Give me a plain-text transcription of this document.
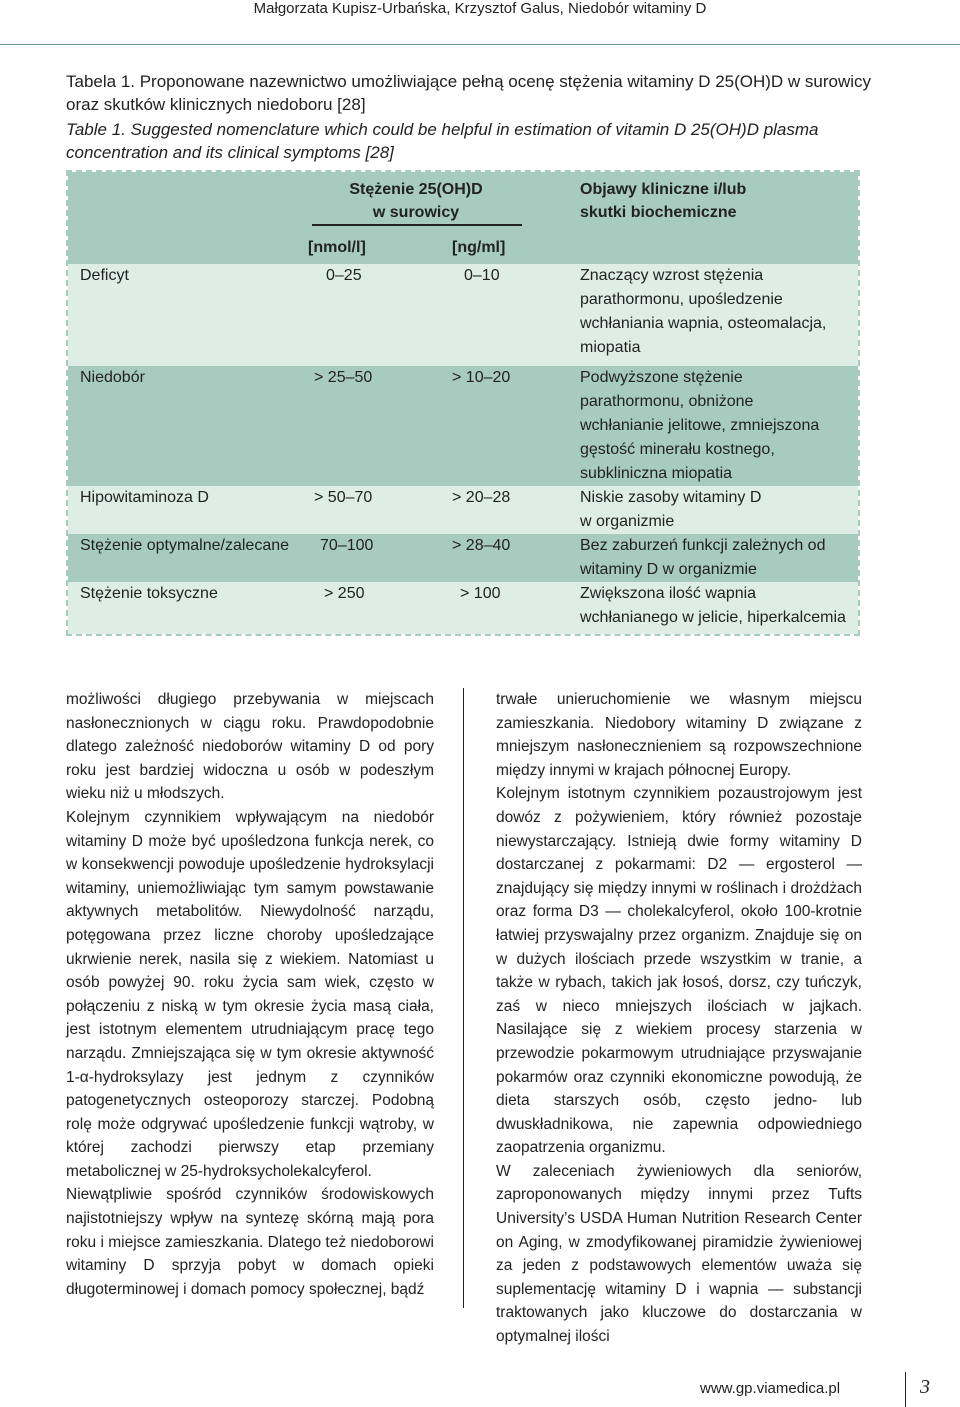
Małgorzata Kupisz-Urbańska, Krzysztof Galus, Niedobór witaminy D
Tabela 1. Proponowane nazewnictwo umożliwiające pełną ocenę stężenia witaminy D 25(OH)D w surowicy oraz skutków klinicznych niedoboru [28]
Table 1. Suggested nomenclature which could be helpful in estimation of vitamin D 25(OH)D plasma concentration and its clinical symptoms [28]
Stężenie 25(OH)D
w surowicy
Objawy kliniczne i/lub
skutki biochemiczne
[nmol/l]	[ng/ml]
Deficyt	0–25	0–10	Znaczący wzrost stężenia
parathormonu, upośledzenie
wchłaniania wapnia, osteomalacja,
miopatia
Niedobór	> 25–50	> 10–20	Podwyższone stężenie
parathormonu, obniżone
wchłanianie jelitowe, zmniejszona
gęstość minerału kostnego,
subkliniczna miopatia
Hipowitaminoza D	> 50–70	> 20–28	Niskie zasoby witaminy D
w organizmie
Stężenie optymalne/zalecane 70–100	> 28–40	Bez zaburzeń funkcji zależnych od
witaminy D w organizmie
Stężenie toksyczne	> 250	> 100	Zwiększona ilość wapnia
wchłanianego w jelicie, hiperkalcemia

możliwości długiego przebywania w miejscach nasłonecznionych w ciągu roku. Prawdopodobnie dlatego zależność niedoborów witaminy D od pory roku jest bardziej widoczna u osób w podeszłym wieku niż u młodszych.

Kolejnym czynnikiem wpływającym na niedobór witaminy D może być upośledzona funkcja nerek, co w konsekwencji powoduje upośledzenie hydroksylacji witaminy, uniemożliwiając tym samym powstawanie aktywnych metabolitów. Niewydolność narządu, potęgowana przez liczne choroby upośledzające ukrwienie nerek, nasila się z wiekiem. Natomiast u osób powyżej 90. roku życia sam wiek, często w połączeniu z niską w tym okresie życia masą ciała, jest istotnym elementem utrudniającym pracę tego narządu. Zmniejszająca się w tym okresie aktywność 1-α-hydroksylazy jest jednym z czynników patogenetycznych osteoporozy starczej. Podobną rolę może odgrywać upośledzenie funkcji wątroby, w której zachodzi pierwszy etap przemiany metabolicznej w 25-hydroksycholekalcyferol.

Niewątpliwie spośród czynników środowiskowych najistotniejszy wpływ na syntezę skórną mają pora roku i miejsce zamieszkania. Dlatego też niedoborowi witaminy D sprzyja pobyt w domach opieki długoterminowej i domach pomocy społecznej, bądź

trwałe unieruchomienie we własnym miejscu zamieszkania. Niedobory witaminy D związane z mniejszym nasłonecznieniem są rozpowszechnione między innymi w krajach północnej Europy.

Kolejnym istotnym czynnikiem pozaustrojowym jest dowóz z pożywieniem, który również pozostaje niewystarczający. Istnieją dwie formy witaminy D dostarczanej z pokarmami: D2 — ergosterol — znajdujący się między innymi w roślinach i drożdżach oraz forma D3 — cholekalcyferol, około 100-krotnie łatwiej przyswajalny przez organizm. Znajduje się on w dużych ilościach przede wszystkim w tranie, a także w rybach, takich jak łosoś, dorsz, czy tuńczyk, zaś w nieco mniejszych ilościach w jajkach. Nasilające się z wiekiem procesy starzenia w przewodzie pokarmowym utrudniające przyswajanie pokarmów oraz czynniki ekonomiczne powodują, że dieta starszych osób, często jedno- lub dwuskładnikowa, nie zapewnia odpowiedniego zaopatrzenia organizmu.

W zaleceniach żywieniowych dla seniorów, zaproponowanych między innymi przez Tufts University’s USDA Human Nutrition Research Center on Aging, w zmodyfikowanej piramidzie żywieniowej za jeden z podstawowych elementów uważa się suplementację witaminy D i wapnia — substancji traktowanych jako kluczowe do dostarczania w optymalnej ilości

www.gp.viamedica.pl	3
